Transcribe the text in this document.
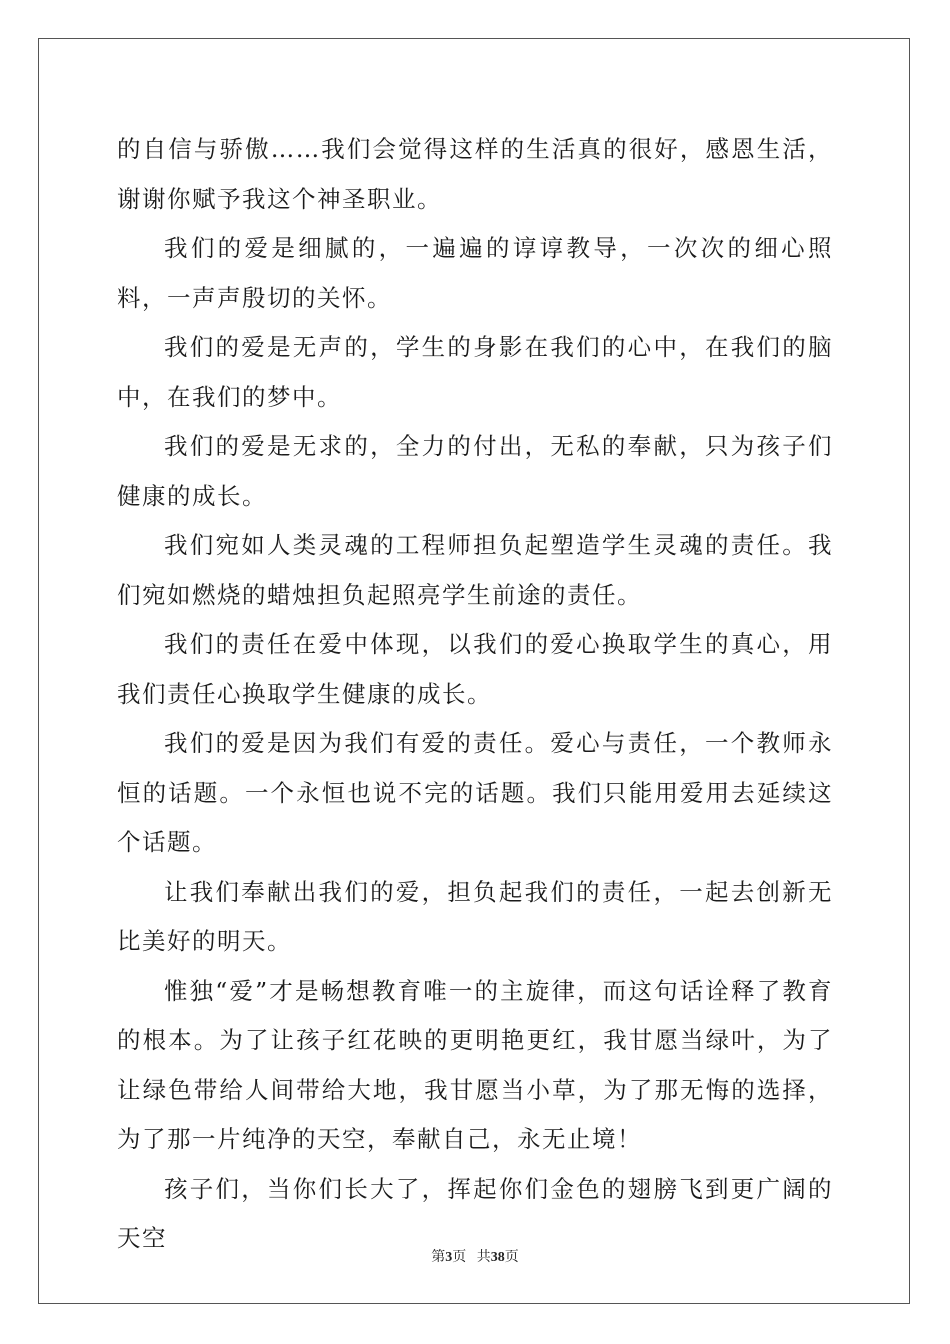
的自信与骄傲……我们会觉得这样的生活真的很好，感恩生活，谢谢你赋予我这个神圣职业。

我们的爱是细腻的，一遍遍的谆谆教导，一次次的细心照料，一声声殷切的关怀。

我们的爱是无声的，学生的身影在我们的心中，在我们的脑中，在我们的梦中。

我们的爱是无求的，全力的付出，无私的奉献，只为孩子们健康的成长。

我们宛如人类灵魂的工程师担负起塑造学生灵魂的责任。我们宛如燃烧的蜡烛担负起照亮学生前途的责任。

我们的责任在爱中体现，以我们的爱心换取学生的真心，用我们责任心换取学生健康的成长。

我们的爱是因为我们有爱的责任。爱心与责任，一个教师永恒的话题。一个永恒也说不完的话题。我们只能用爱用去延续这个话题。

让我们奉献出我们的爱，担负起我们的责任，一起去创新无比美好的明天。

惟独“爱”才是畅想教育唯一的主旋律，而这句话诠释了教育的根本。为了让孩子红花映的更明艳更红，我甘愿当绿叶，为了让绿色带给人间带给大地，我甘愿当小草，为了那无悔的选择，为了那一片纯净的天空，奉献自己，永无止境！

孩子们，当你们长大了，挥起你们金色的翅膀飞到更广阔的天空

第3页 共38页
